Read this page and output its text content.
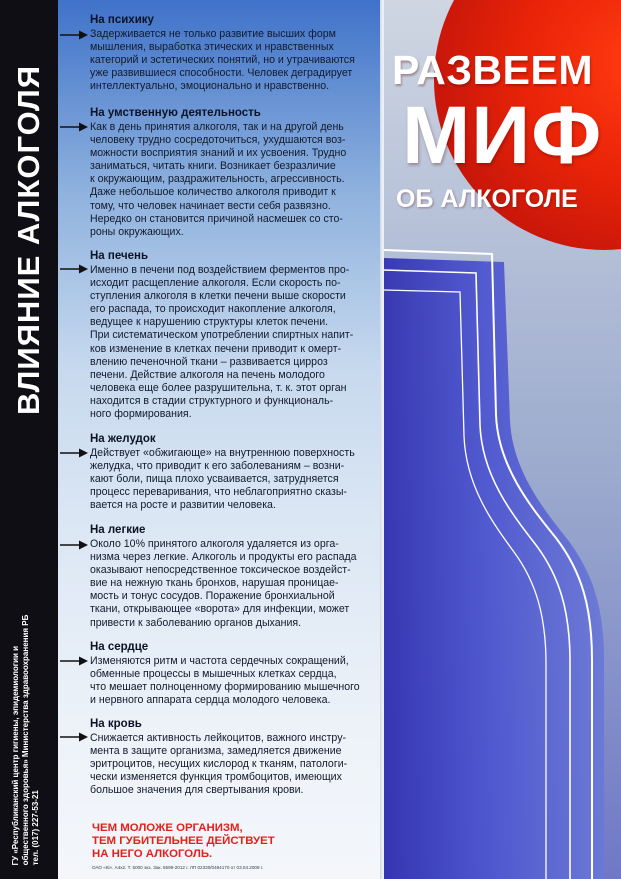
ВЛИЯНИЕ АЛКОГОЛЯ
ГУ «Республиканский центр гигиены, эпидемиологии и общественного здоровья» Министерства здравоохранения РБ тел. (017) 227-53-21
РАЗВЕЕМ
МИФ
ОБ АЛКОГОЛЕ
На психику
Задерживается не только развитие высших форм
мышления, выработка этических и нравственных
категорий и эстетических понятий, но и утрачиваются
уже развившиеся способности. Человек деградирует
интеллектуально, эмоционально и нравственно.
На умственную деятельность
Как в день принятия алкоголя, так и на другой день
человеку трудно сосредоточиться, ухудшаются воз-
можности восприятия знаний и их усвоения. Трудно
заниматься, читать книги. Возникает безразличие
к окружающим, раздражительность, агрессивность.
Даже небольшое количество алкоголя приводит к
тому, что человек начинает вести себя развязно.
Нередко он становится причиной насмешек со сто-
роны окружающих.
На печень
Именно в печени под воздействием ферментов про-
исходит расщепление алкоголя. Если скорость по-
ступления алкоголя в клетки печени выше скорости
его распада, то происходит накопление алкоголя,
ведущее к нарушению структуры клеток печени.
При систематическом употреблении спиртных напит-
ков изменение в клетках печени приводит к омерт-
влению печеночной ткани – развивается цирроз
печени. Действие алкоголя на печень молодого
человека еще более разрушительна, т. к. этот орган
находится в стадии структурного и функциональ-
ного формирования.
На желудок
Действует «обжигающе» на внутреннюю поверхность
желудка, что приводит к его заболеваниям – возни-
кают боли, пища плохо усваивается, затрудняется
процесс переваривания, что неблагоприятно сказы-
вается на росте и развитии человека.
На легкие
Около 10% принятого алкоголя удаляется из орга-
низма через легкие. Алкоголь и продукты его распада
оказывают непосредственное токсическое воздейст-
вие на нежную ткань бронхов, нарушая проницае-
мость и тонус сосудов. Поражение бронхиальной
ткани, открывающее «ворота» для инфекции, может
привести к заболеванию органов дыхания.
На сердце
Изменяются ритм и частота сердечных сокращений,
обменные процессы в мышечных клетках сердца,
что мешает полноценному формированию мышечного
и нервного аппарата сердца молодого человека.
На кровь
Снижается активность лейкоцитов, важного инстру-
мента в защите организма, замедляется движение
эритроцитов, несущих кислород к тканям, патологи-
чески изменяется функция тромбоцитов, имеющих
большое значения для свертывания крови.
ЧЕМ МОЛОЖЕ ОРГАНИЗМ,
ТЕМ ГУБИТЕЛЬНЕЕ ДЕЙСТВУЕТ
НА НЕГО АЛКОГОЛЬ.
ОАО «Кі». А4х2. Т. 5000 экз. Зак. 5599-2012 г. ЛП 02330/0494170 от 03.04.2009 г.
